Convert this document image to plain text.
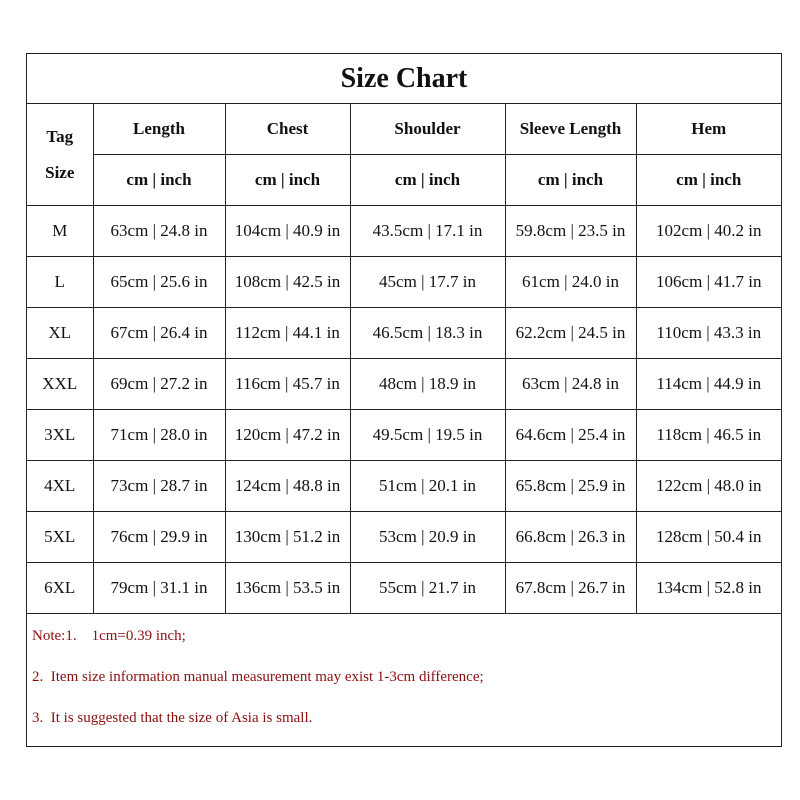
Size Chart
Tag
Size	Length	Chest	Shoulder	Sleeve Length	Hem
	cm | inch	cm | inch	cm | inch	cm | inch	cm | inch
M	63cm | 24.8 in	104cm | 40.9 in	43.5cm | 17.1 in	59.8cm | 23.5 in	102cm | 40.2 in
L	65cm | 25.6 in	108cm | 42.5 in	45cm | 17.7 in	61cm | 24.0 in	106cm | 41.7 in
XL	67cm | 26.4 in	112cm | 44.1 in	46.5cm | 18.3 in	62.2cm | 24.5 in	110cm | 43.3 in
XXL	69cm | 27.2 in	116cm | 45.7 in	48cm | 18.9 in	63cm | 24.8 in	114cm | 44.9 in
3XL	71cm | 28.0 in	120cm | 47.2 in	49.5cm | 19.5 in	64.6cm | 25.4 in	118cm | 46.5 in
4XL	73cm | 28.7 in	124cm | 48.8 in	51cm | 20.1 in	65.8cm | 25.9 in	122cm | 48.0 in
5XL	76cm | 29.9 in	130cm | 51.2 in	53cm | 20.9 in	66.8cm | 26.3 in	128cm | 50.4 in
6XL	79cm | 31.1 in	136cm | 53.5 in	55cm | 21.7 in	67.8cm | 26.7 in	134cm | 52.8 in
Note:1.    1cm=0.39 inch;
2.  Item size information manual measurement may exist 1-3cm difference;
3.  It is suggested that the size of Asia is small.
